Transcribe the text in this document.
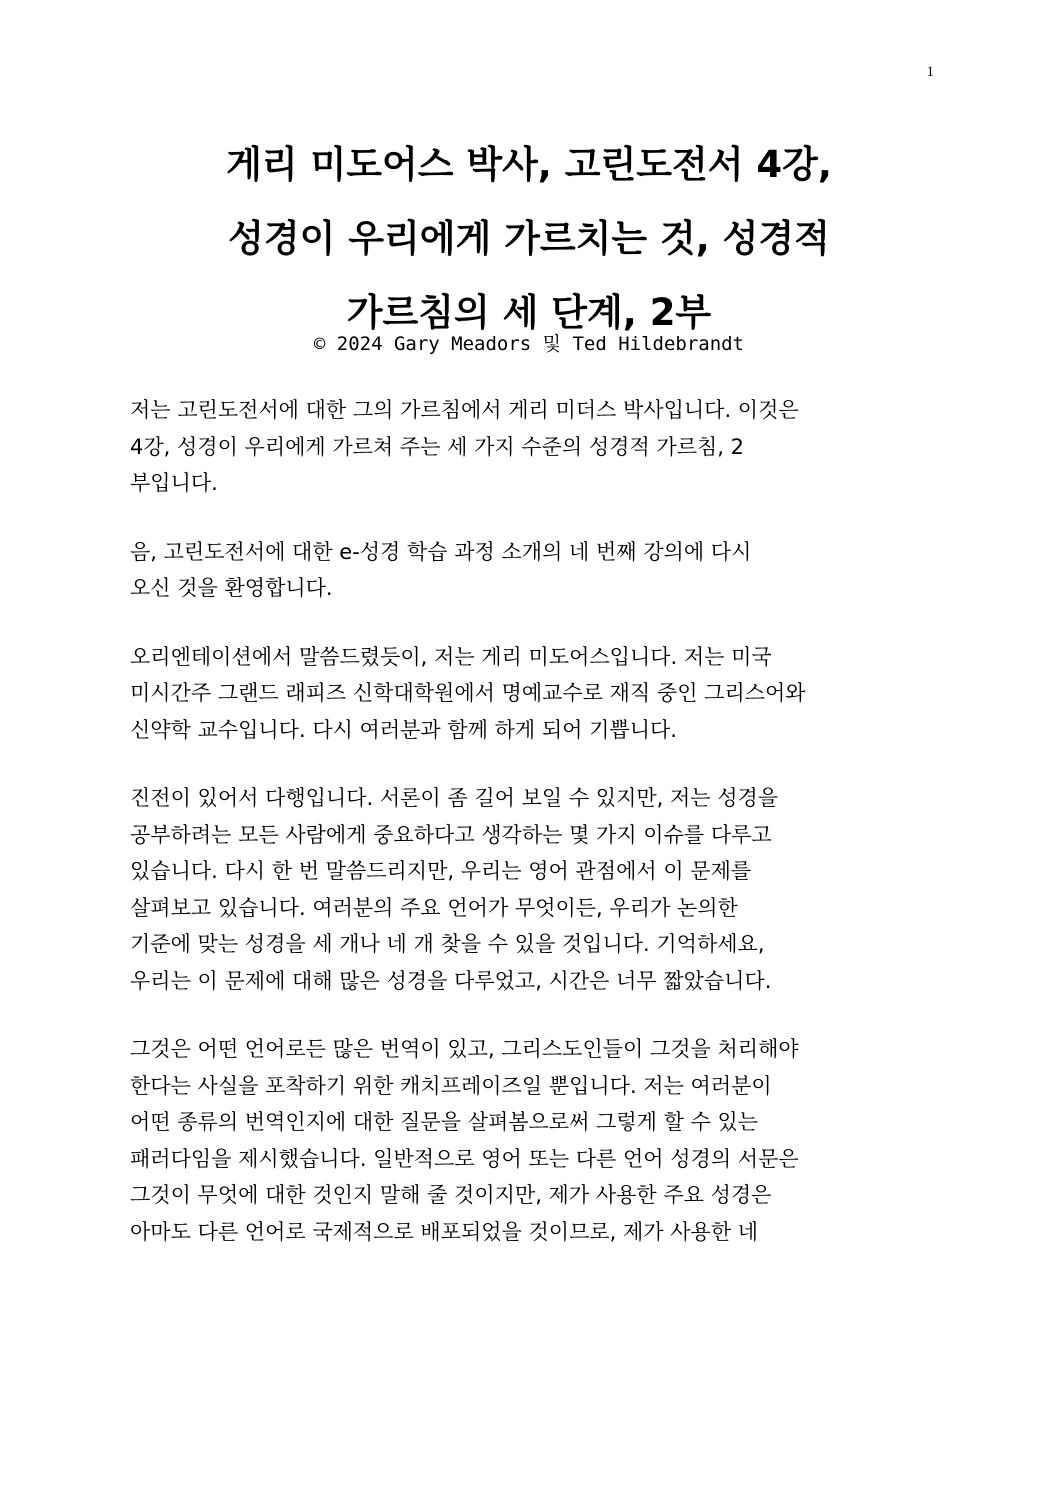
1
게리 미도어스 박사, 고린도전서 4강,
성경이 우리에게 가르치는 것, 성경적
가르침의 세 단계, 2부
© 2024 Gary Meadors 및 Ted Hildebrandt

저는 고린도전서에 대한 그의 가르침에서 게리 미더스 박사입니다. 이것은
4강, 성경이 우리에게 가르쳐 주는 세 가지 수준의 성경적 가르침, 2
부입니다.

음, 고린도전서에 대한 e-성경 학습 과정 소개의 네 번째 강의에 다시
오신 것을 환영합니다.

오리엔테이션에서 말씀드렸듯이, 저는 게리 미도어스입니다. 저는 미국
미시간주 그랜드 래피즈 신학대학원에서 명예교수로 재직 중인 그리스어와
신약학 교수입니다. 다시 여러분과 함께 하게 되어 기쁩니다.

진전이 있어서 다행입니다. 서론이 좀 길어 보일 수 있지만, 저는 성경을
공부하려는 모든 사람에게 중요하다고 생각하는 몇 가지 이슈를 다루고
있습니다. 다시 한 번 말씀드리지만, 우리는 영어 관점에서 이 문제를
살펴보고 있습니다. 여러분의 주요 언어가 무엇이든, 우리가 논의한
기준에 맞는 성경을 세 개나 네 개 찾을 수 있을 것입니다. 기억하세요,
우리는 이 문제에 대해 많은 성경을 다루었고, 시간은 너무 짧았습니다.

그것은 어떤 언어로든 많은 번역이 있고, 그리스도인들이 그것을 처리해야
한다는 사실을 포착하기 위한 캐치프레이즈일 뿐입니다. 저는 여러분이
어떤 종류의 번역인지에 대한 질문을 살펴봄으로써 그렇게 할 수 있는
패러다임을 제시했습니다. 일반적으로 영어 또는 다른 언어 성경의 서문은
그것이 무엇에 대한 것인지 말해 줄 것이지만, 제가 사용한 주요 성경은
아마도 다른 언어로 국제적으로 배포되었을 것이므로, 제가 사용한 네
